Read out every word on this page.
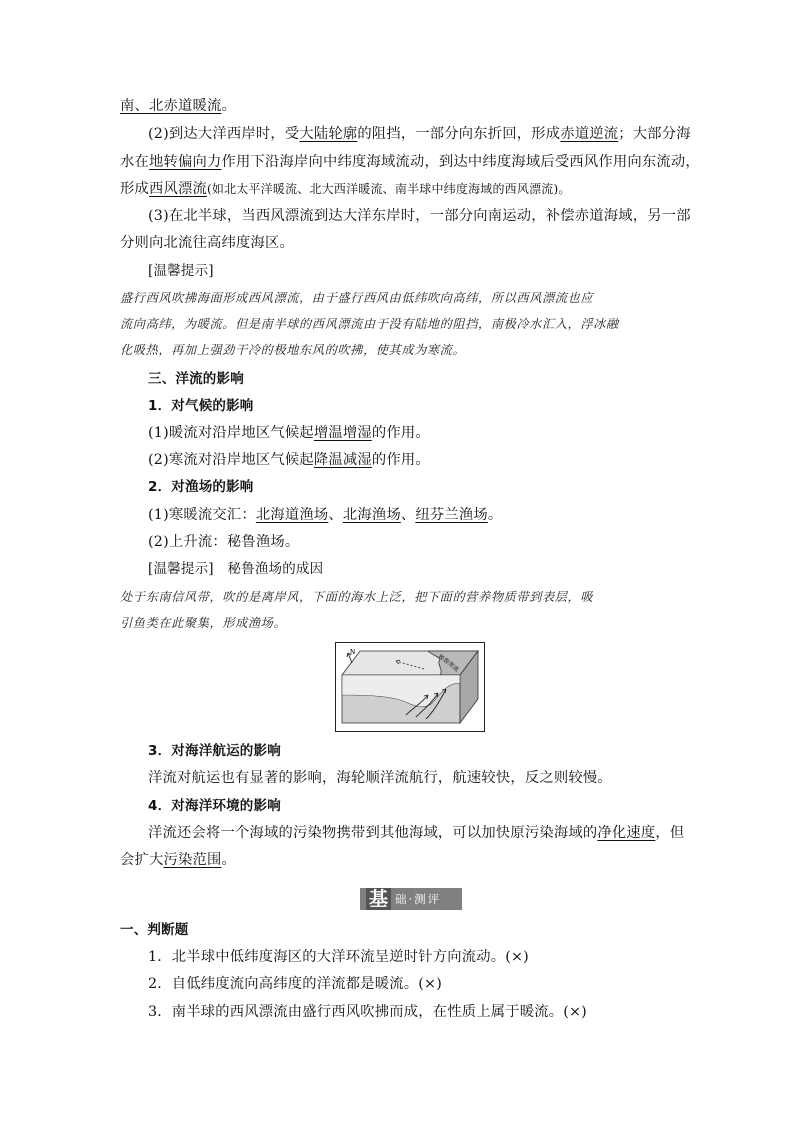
南、北赤道暖流。
(2)到达大洋西岸时，受大陆轮廓的阻挡，一部分向东折回，形成赤道逆流；大部分海
水在地转偏向力作用下沿海岸向中纬度海域流动，到达中纬度海域后受西风作用向东流动，
形成西风漂流(如北太平洋暖流、北大西洋暖流、南半球中纬度海域的西风漂流)。
(3)在北半球，当西风漂流到达大洋东岸时，一部分向南运动，补偿赤道海域，另一部
分则向北流往高纬度海区。
[温馨提示]
盛行西风吹拂海面形成西风漂流，由于盛行西风由低纬吹向高纬，所以西风漂流也应
流向高纬，为暖流。但是南半球的西风漂流由于没有陆地的阻挡，南极冷水汇入，浮冰融
化吸热，再加上强劲干冷的极地东风的吹拂，使其成为寒流。
三、洋流的影响
1．对气候的影响
(1)暖流对沿岸地区气候起增温增湿的作用。
(2)寒流对沿岸地区气候起降温减湿的作用。
2．对渔场的影响
(1)寒暖流交汇：北海道渔场、北海渔场、纽芬兰渔场。
(2)上升流：秘鲁渔场。
[温馨提示]　秘鲁渔场的成因
处于东南信风带，吹的是离岸风，下面的海水上泛，把下面的营养物质带到表层，吸
引鱼类在此聚集，形成渔场。
N
秘鲁寒流
3．对海洋航运的影响
洋流对航运也有显著的影响，海轮顺洋流航行，航速较快，反之则较慢。
4．对海洋环境的影响
洋流还会将一个海域的污染物携带到其他海域，可以加快原污染海域的净化速度，但
会扩大污染范围。
基 础·测评
一、判断题
1．北半球中低纬度海区的大洋环流呈逆时针方向流动。(×)
2．自低纬度流向高纬度的洋流都是暖流。(×)
3．南半球的西风漂流由盛行西风吹拂而成，在性质上属于暖流。(×)
